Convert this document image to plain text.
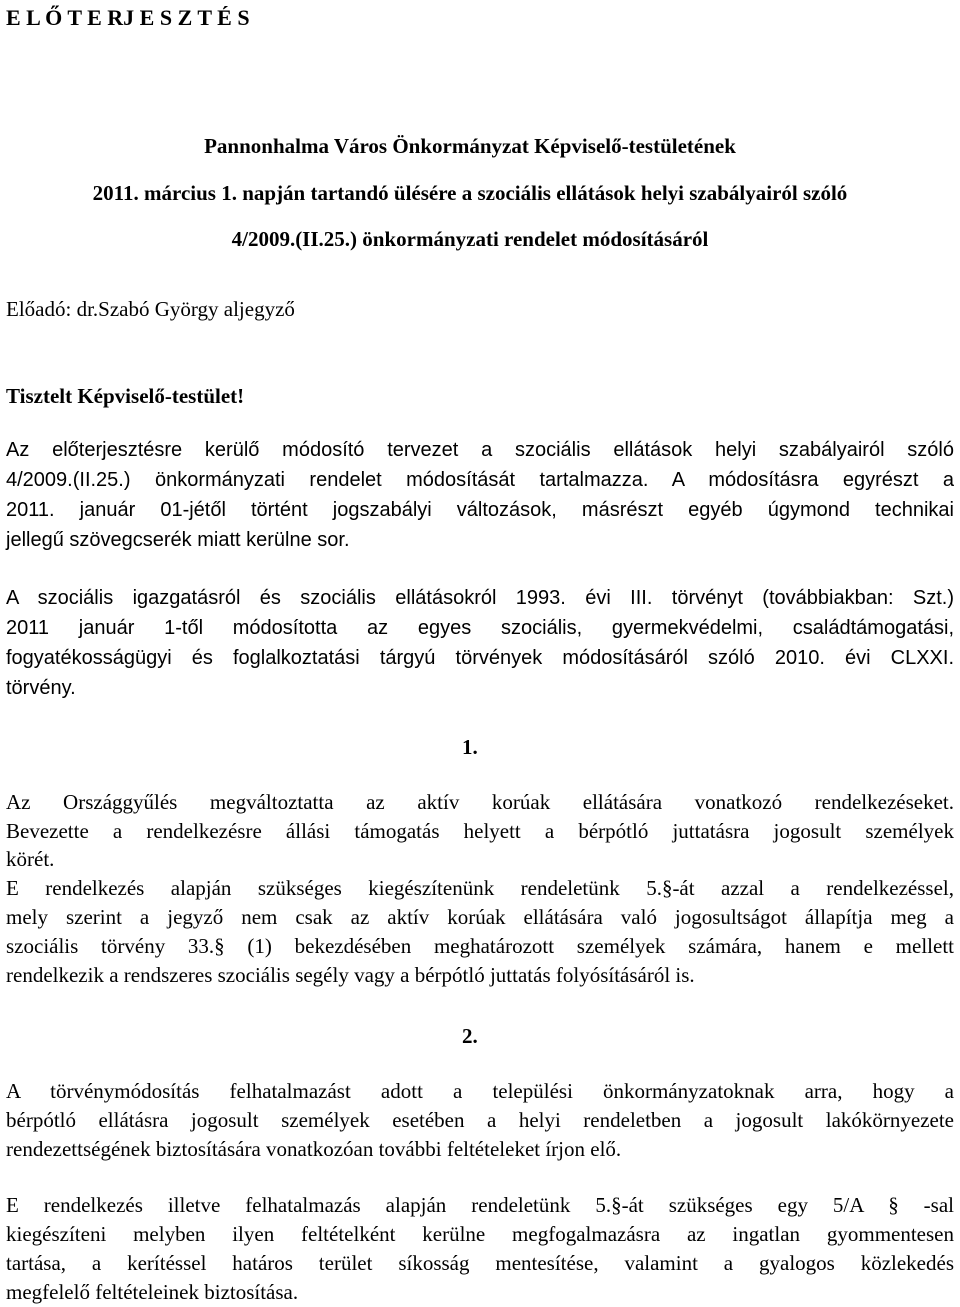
E L Ő T E RJ E S Z T É S
Pannonhalma Város Önkormányzat Képviselő-testületének
2011. március 1. napján tartandó ülésére a szociális ellátások helyi szabályairól szóló
4/2009.(II.25.) önkormányzati rendelet módosításáról
Előadó: dr.Szabó György aljegyző
Tisztelt Képviselő-testület!
Az előterjesztésre kerülő módosító tervezet a szociális ellátások helyi szabályairól szóló
4/2009.(II.25.) önkormányzati rendelet módosítását tartalmazza. A módosításra egyrészt a
2011. január 01-jétől történt jogszabályi változások, másrészt egyéb úgymond technikai
jellegű szövegcserék miatt kerülne sor.
A szociális igazgatásról és szociális ellátásokról 1993. évi III. törvényt (továbbiakban: Szt.)
2011 január 1-től módosította az egyes szociális, gyermekvédelmi, családtámogatási,
fogyatékosságügyi és foglalkoztatási tárgyú törvények módosításáról szóló 2010. évi CLXXI.
törvény.
1.
Az Országgyűlés megváltoztatta az aktív korúak ellátására vonatkozó rendelkezéseket.
Bevezette a rendelkezésre állási támogatás helyett a bérpótló juttatásra jogosult személyek
körét.
E rendelkezés alapján szükséges kiegészítenünk rendeletünk 5.§-át azzal a rendelkezéssel,
mely szerint a jegyző nem csak az aktív korúak ellátására való jogosultságot állapítja meg a
szociális törvény 33.§ (1) bekezdésében meghatározott személyek számára, hanem e mellett
rendelkezik a rendszeres szociális segély vagy a bérpótló juttatás folyósításáról is.
2.
A törvénymódosítás felhatalmazást adott a települési önkormányzatoknak arra, hogy a
bérpótló ellátásra jogosult személyek esetében a helyi rendeletben a jogosult lakókörnyezete
rendezettségének biztosítására vonatkozóan további feltételeket írjon elő.
E rendelkezés illetve felhatalmazás alapján rendeletünk 5.§-át szükséges egy 5/A § -sal
kiegészíteni melyben ilyen feltételként kerülne megfogalmazásra az ingatlan gyommentesen
tartása, a kerítéssel határos terület síkosság mentesítése, valamint a gyalogos közlekedés
megfelelő feltételeinek biztosítása.
